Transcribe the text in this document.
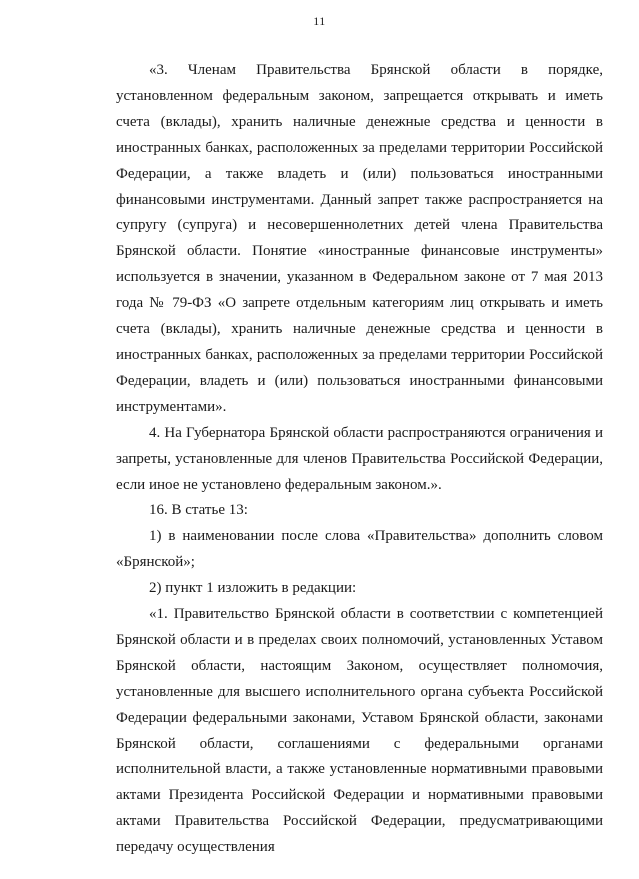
11

«3. Членам Правительства Брянской области в порядке, установленном федеральным законом, запрещается открывать и иметь счета (вклады), хранить наличные денежные средства и ценности в иностранных банках, расположенных за пределами территории Российской Федерации, а также владеть и (или) пользоваться иностранными финансовыми инструментами. Данный запрет также распространяется на супругу (супруга) и несовершеннолетних детей члена Правительства Брянской области. Понятие «иностранные финансовые инструменты» используется в значении, указанном в Федеральном законе от 7 мая 2013 года № 79-ФЗ «О запрете отдельным категориям лиц открывать и иметь счета (вклады), хранить наличные денежные средства и ценности в иностранных банках, расположенных за пределами территории Российской Федерации, владеть и (или) пользоваться иностранными финансовыми инструментами».

4. На Губернатора Брянской области распространяются ограничения и запреты, установленные для членов Правительства Российской Федерации, если иное не установлено федеральным законом.».

16. В статье 13:

1) в наименовании после слова «Правительства» дополнить словом «Брянской»;

2) пункт 1 изложить в редакции:

«1. Правительство Брянской области в соответствии с компетенцией Брянской области и в пределах своих полномочий, установленных Уставом Брянской области, настоящим Законом, осуществляет полномочия, установленные для высшего исполнительного органа субъекта Российской Федерации федеральными законами, Уставом Брянской области, законами Брянской области, соглашениями с федеральными органами исполнительной власти, а также установленные нормативными правовыми актами Президента Российской Федерации и нормативными правовыми актами Правительства Российской Федерации, предусматривающими передачу осуществления
